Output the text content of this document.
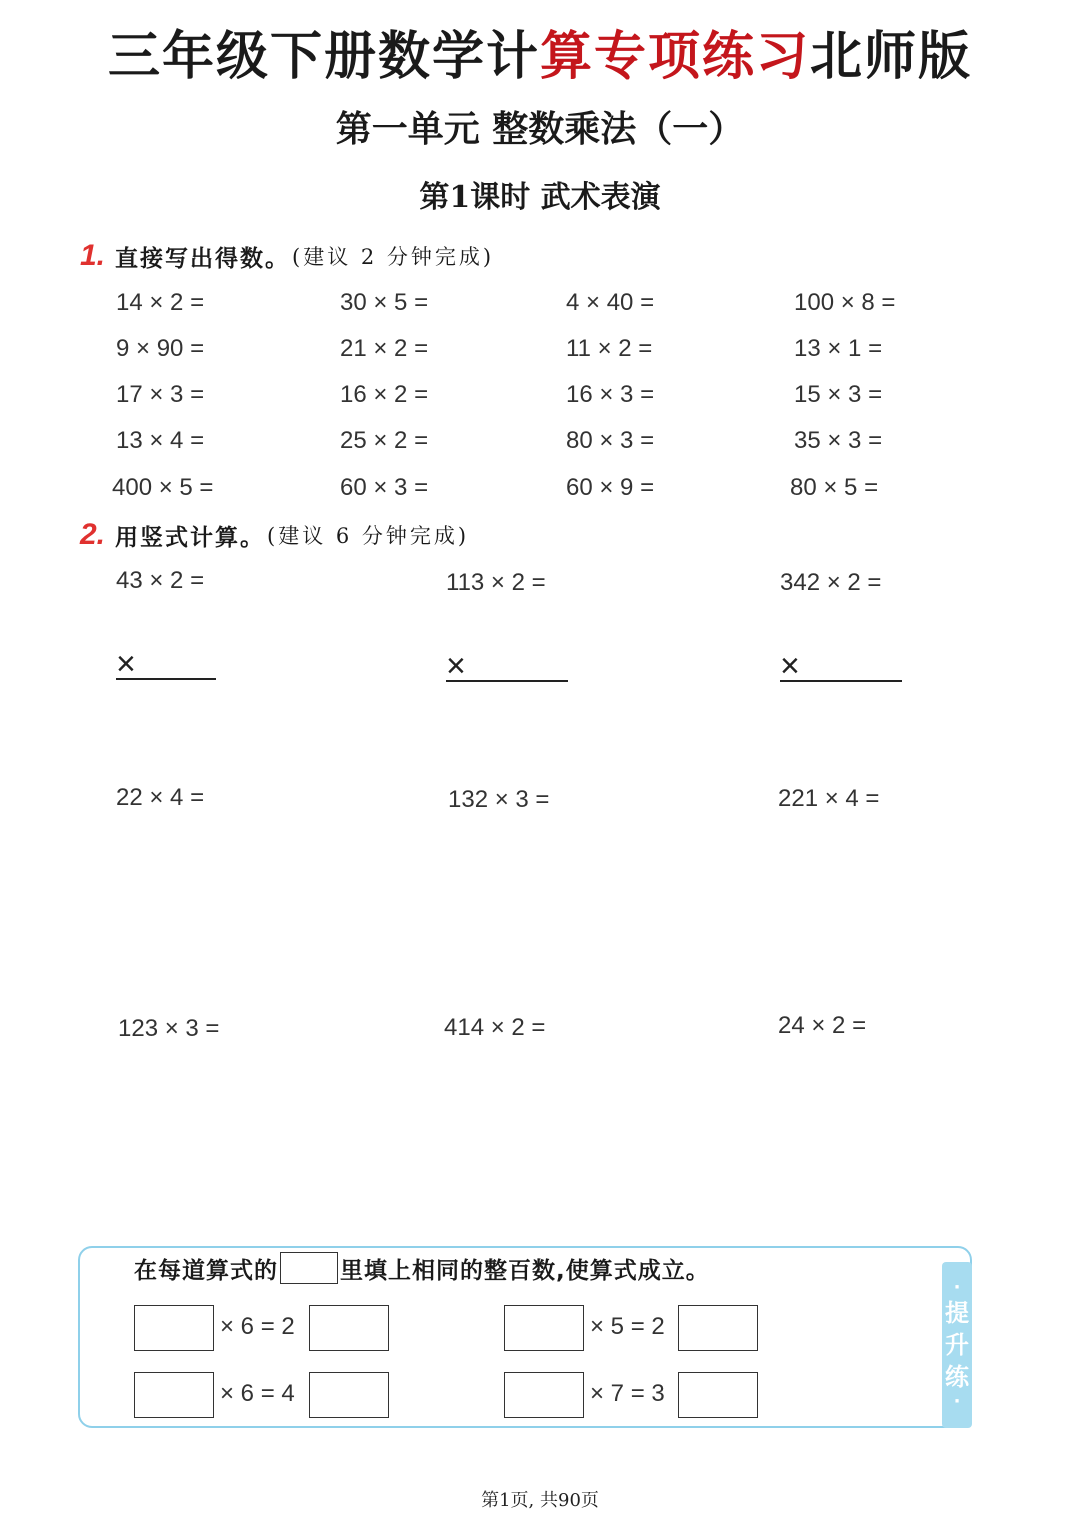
三年级下册数学计算专项练习北师版
第一单元 整数乘法（一）
第1课时 武术表演
1. 直接写出得数。 (建议 2 分钟完成)
14 × 2 =	30 × 5 =	4 × 40 =	100 × 8 =
9 × 90 =	21 × 2 =	11 × 2 =	13 × 1 =
17 × 3 =	16 × 2 =	16 × 3 =	15 × 3 =
13 × 4 =	25 × 2 =	80 × 3 =	35 × 3 =
400 × 5 =	60 × 3 =	60 × 9 =	80 × 5 =
2. 用竖式计算。 (建议 6 分钟完成)
43 × 2 =	113 × 2 =	342 × 2 =
×	×	×
22 × 4 =	132 × 3 =	221 × 4 =
123 × 3 =	414 × 2 =	24 × 2 =
·
提
升
练
·
在每道算式的	里填上相同的整百数,使算式成立。
× 6 = 2	× 5 = 2
× 6 = 4	× 7 = 3
第1页, 共90页
